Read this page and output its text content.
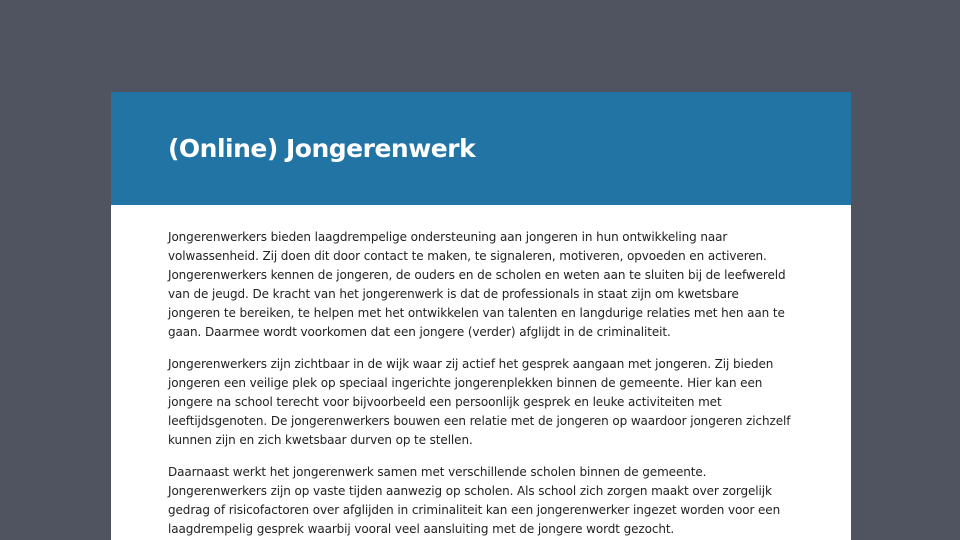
(Online) Jongerenwerk

Jongerenwerkers bieden laagdrempelige ondersteuning aan jongeren in hun ontwikkeling naar volwassenheid. Zij doen dit door contact te maken, te signaleren, motiveren, opvoeden en activeren. Jongerenwerkers kennen de jongeren, de ouders en de scholen en weten aan te sluiten bij de leefwereld van de jeugd. De kracht van het jongerenwerk is dat de professionals in staat zijn om kwetsbare jongeren te bereiken, te helpen met het ontwikkelen van talenten en langdurige relaties met hen aan te gaan. Daarmee wordt voorkomen dat een jongere (verder) afglijdt in de criminaliteit.

Jongerenwerkers zijn zichtbaar in de wijk waar zij actief het gesprek aangaan met jongeren. Zij bieden jongeren een veilige plek op speciaal ingerichte jongerenplekken binnen de gemeente. Hier kan een jongere na school terecht voor bijvoorbeeld een persoonlijk gesprek en leuke activiteiten met leeftijdsgenoten. De jongerenwerkers bouwen een relatie met de jongeren op waardoor jongeren zichzelf kunnen zijn en zich kwetsbaar durven op te stellen.

Daarnaast werkt het jongerenwerk samen met verschillende scholen binnen de gemeente. Jongerenwerkers zijn op vaste tijden aanwezig op scholen. Als school zich zorgen maakt over zorgelijk gedrag of risicofactoren over afglijden in criminaliteit kan een jongerenwerker ingezet worden voor een laagdrempelig gesprek waarbij vooral veel aansluiting met de jongere wordt gezocht.
